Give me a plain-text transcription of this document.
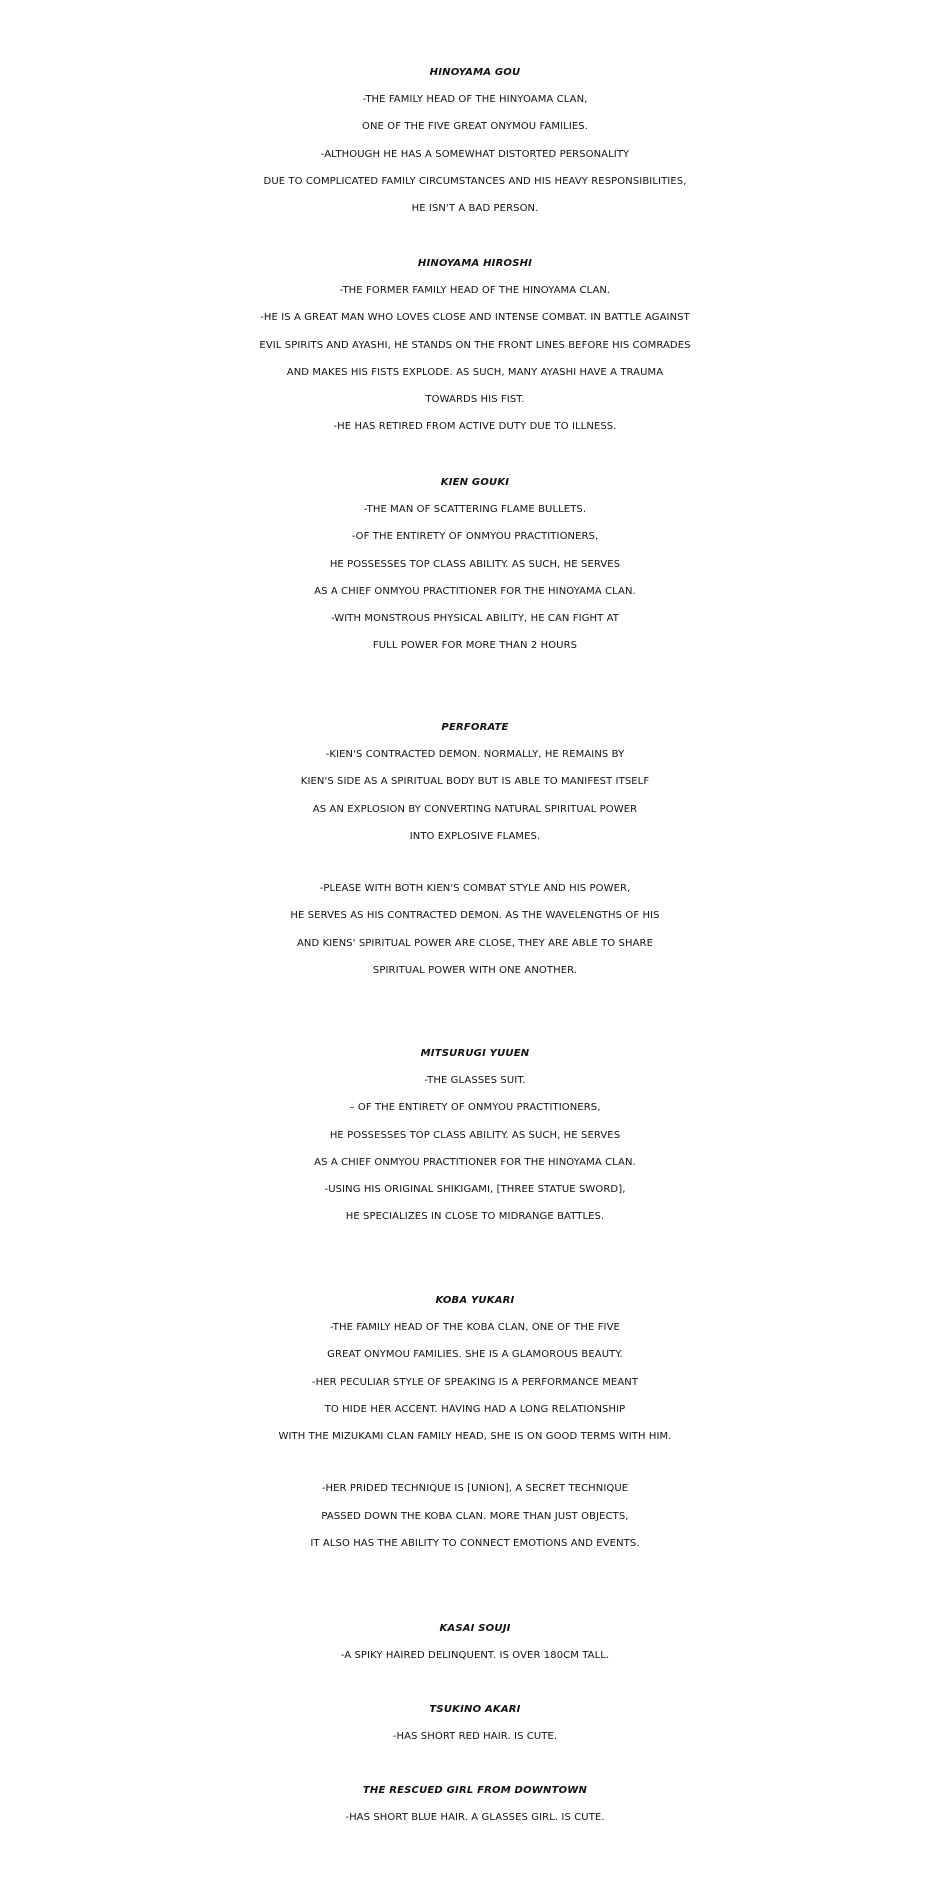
HINOYAMA GOU
-THE FAMILY HEAD OF THE HINYOAMA CLAN,
ONE OF THE FIVE GREAT ONYMOU FAMILIES.
-ALTHOUGH HE HAS A SOMEWHAT DISTORTED PERSONALITY
DUE TO COMPLICATED FAMILY CIRCUMSTANCES AND HIS HEAVY RESPONSIBILITIES,
HE ISN'T A BAD PERSON.
HINOYAMA HIROSHI
-THE FORMER FAMILY HEAD OF THE HINOYAMA CLAN.
-HE IS A GREAT MAN WHO LOVES CLOSE AND INTENSE COMBAT. IN BATTLE AGAINST
EVIL SPIRITS AND AYASHI, HE STANDS ON THE FRONT LINES BEFORE HIS COMRADES
AND MAKES HIS FISTS EXPLODE. AS SUCH, MANY AYASHI HAVE A TRAUMA
TOWARDS HIS FIST.
-HE HAS RETIRED FROM ACTIVE DUTY DUE TO ILLNESS.
KIEN GOUKI
-THE MAN OF SCATTERING FLAME BULLETS.
-OF THE ENTIRETY OF ONMYOU PRACTITIONERS,
HE POSSESSES TOP CLASS ABILITY. AS SUCH, HE SERVES
AS A CHIEF ONMYOU PRACTITIONER FOR THE HINOYAMA CLAN.
-WITH MONSTROUS PHYSICAL ABILITY, HE CAN FIGHT AT
FULL POWER FOR MORE THAN 2 HOURS
PERFORATE
-KIEN'S CONTRACTED DEMON. NORMALLY, HE REMAINS BY
KIEN'S SIDE AS A SPIRITUAL BODY BUT IS ABLE TO MANIFEST ITSELF
AS AN EXPLOSION BY CONVERTING NATURAL SPIRITUAL POWER
INTO EXPLOSIVE FLAMES.
-PLEASE WITH BOTH KIEN'S COMBAT STYLE AND HIS POWER,
HE SERVES AS HIS CONTRACTED DEMON. AS THE WAVELENGTHS OF HIS
AND KIENS' SPIRITUAL POWER ARE CLOSE, THEY ARE ABLE TO SHARE
SPIRITUAL POWER WITH ONE ANOTHER.
MITSURUGI YUUEN
-THE GLASSES SUIT.
– OF THE ENTIRETY OF ONMYOU PRACTITIONERS,
HE POSSESSES TOP CLASS ABILITY. AS SUCH, HE SERVES
AS A CHIEF ONMYOU PRACTITIONER FOR THE HINOYAMA CLAN.
-USING HIS ORIGINAL SHIKIGAMI, [THREE STATUE SWORD],
HE SPECIALIZES IN CLOSE TO MIDRANGE BATTLES.
KOBA YUKARI
-THE FAMILY HEAD OF THE KOBA CLAN, ONE OF THE FIVE
GREAT ONYMOU FAMILIES. SHE IS A GLAMOROUS BEAUTY.
-HER PECULIAR STYLE OF SPEAKING IS A PERFORMANCE MEANT
TO HIDE HER ACCENT. HAVING HAD A LONG RELATIONSHIP
WITH THE MIZUKAMI CLAN FAMILY HEAD, SHE IS ON GOOD TERMS WITH HIM.
-HER PRIDED TECHNIQUE IS [UNION], A SECRET TECHNIQUE
PASSED DOWN THE KOBA CLAN. MORE THAN JUST OBJECTS,
IT ALSO HAS THE ABILITY TO CONNECT EMOTIONS AND EVENTS.
KASAI SOUJI
-A SPIKY HAIRED DELINQUENT. IS OVER 180CM TALL.
TSUKINO AKARI
-HAS SHORT RED HAIR. IS CUTE.
THE RESCUED GIRL FROM DOWNTOWN
-HAS SHORT BLUE HAIR. A GLASSES GIRL. IS CUTE.
